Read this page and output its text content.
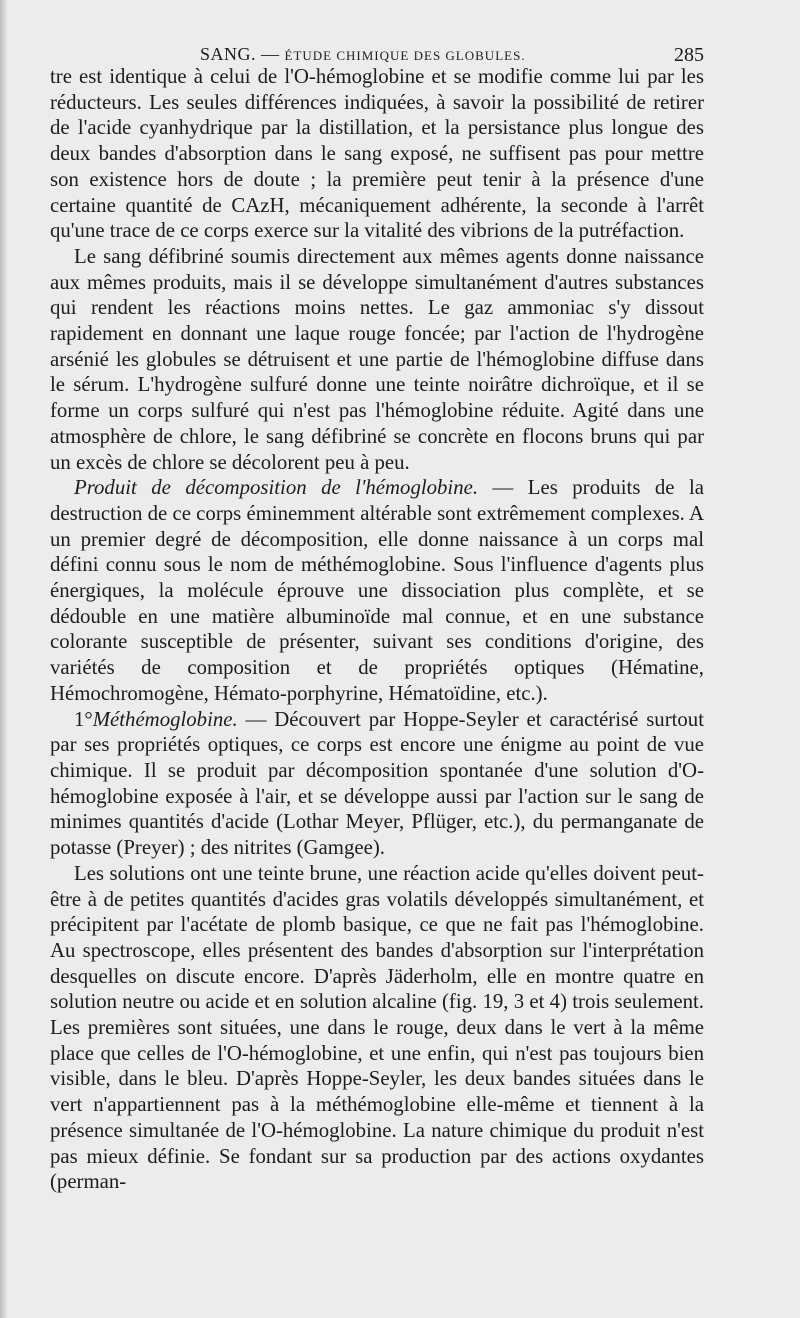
SANG. — ÉTUDE CHIMIQUE DES GLOBULES.	285

tre est identique à celui de l'O-hémoglobine et se modifie comme lui par les réducteurs. Les seules différences indiquées, à savoir la possibilité de retirer de l'acide cyanhydrique par la distillation, et la persistance plus longue des deux bandes d'absorption dans le sang exposé, ne suffisent pas pour mettre son existence hors de doute ; la première peut tenir à la présence d'une certaine quantité de CAzH, mécaniquement adhérente, la seconde à l'arrêt qu'une trace de ce corps exerce sur la vitalité des vibrions de la putréfaction.

Le sang défibriné soumis directement aux mêmes agents donne naissance aux mêmes produits, mais il se développe simultanément d'autres substances qui rendent les réactions moins nettes. Le gaz ammoniac s'y dissout rapidement en donnant une laque rouge foncée; par l'action de l'hydrogène arsénié les globules se détruisent et une partie de l'hémoglobine diffuse dans le sérum. L'hydrogène sulfuré donne une teinte noirâtre dichroïque, et il se forme un corps sulfuré qui n'est pas l'hémoglobine réduite. Agité dans une atmosphère de chlore, le sang défibriné se concrète en flocons bruns qui par un excès de chlore se décolorent peu à peu.

Produit de décomposition de l'hémoglobine. — Les produits de la destruction de ce corps éminemment altérable sont extrêmement complexes. A un premier degré de décomposition, elle donne naissance à un corps mal défini connu sous le nom de méthémoglobine. Sous l'influence d'agents plus énergiques, la molécule éprouve une dissociation plus complète, et se dédouble en une matière albuminoïde mal connue, et en une substance colorante susceptible de présenter, suivant ses conditions d'origine, des variétés de composition et de propriétés optiques (Hématine, Hémochromogène, Hémato-porphyrine, Hématoïdine, etc.).

1°Méthémoglobine. — Découvert par Hoppe-Seyler et caractérisé surtout par ses propriétés optiques, ce corps est encore une énigme au point de vue chimique. Il se produit par décomposition spontanée d'une solution d'O-hémoglobine exposée à l'air, et se développe aussi par l'action sur le sang de minimes quantités d'acide (Lothar Meyer, Pflüger, etc.), du permanganate de potasse (Preyer) ; des nitrites (Gamgee).

Les solutions ont une teinte brune, une réaction acide qu'elles doivent peut-être à de petites quantités d'acides gras volatils développés simultanément, et précipitent par l'acétate de plomb basique, ce que ne fait pas l'hémoglobine. Au spectroscope, elles présentent des bandes d'absorption sur l'interprétation desquelles on discute encore. D'après Jäderholm, elle en montre quatre en solution neutre ou acide et en solution alcaline (fig. 19, 3 et 4) trois seulement. Les premières sont situées, une dans le rouge, deux dans le vert à la même place que celles de l'O-hémoglobine, et une enfin, qui n'est pas toujours bien visible, dans le bleu. D'après Hoppe-Seyler, les deux bandes situées dans le vert n'appartiennent pas à la méthémoglobine elle-même et tiennent à la présence simultanée de l'O-hémoglobine. La nature chimique du produit n'est pas mieux définie. Se fondant sur sa production par des actions oxydantes (perman-
